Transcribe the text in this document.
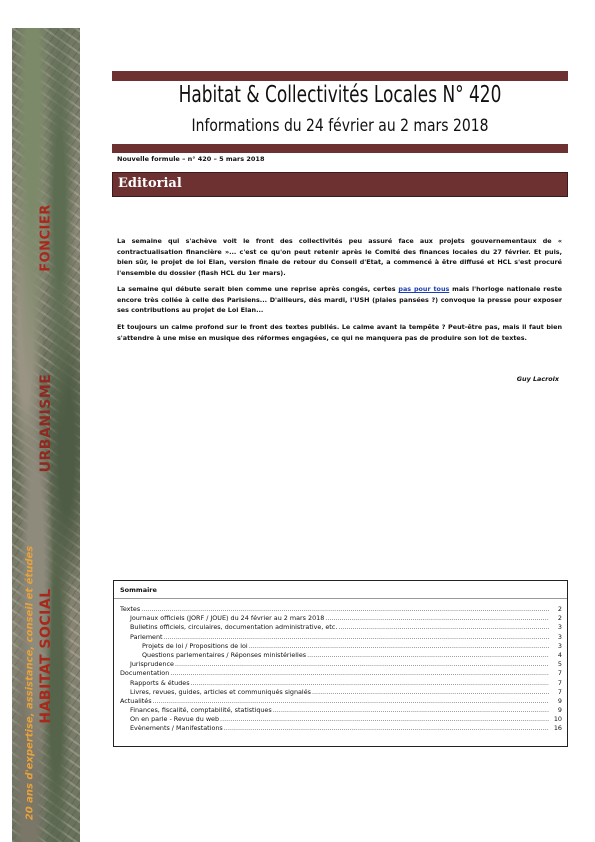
FONCIER
URBANISME
HABITAT SOCIAL
20 ans d'expertise, assistance, conseil et études
Habitat & Collectivités Locales N° 420
Informations du 24 février au 2 mars 2018
Nouvelle formule – n° 420 – 5 mars 2018
Editorial
La semaine qui s'achève voit le front des collectivités peu assuré face aux projets gouvernementaux de « contractualisation financière »... c'est ce qu'on peut retenir après le Comité des finances locales du 27 février. Et puis, bien sûr, le projet de loi Elan, version finale de retour du Conseil d'Etat, a commencé à être diffusé et HCL s'est procuré l'ensemble du dossier (flash HCL du 1er mars).
La semaine qui débute serait bien comme une reprise après congés, certes pas pour tous mais l'horloge nationale reste encore très collée à celle des Parisiens... D'ailleurs, dès mardi, l'USH (plaies pansées ?) convoque la presse pour exposer ses contributions au projet de Loi Elan...
Et toujours un calme profond sur le front des textes publiés. Le calme avant la tempête ? Peut-être pas, mais il faut bien s'attendre à une mise en musique des réformes engagées, ce qui ne manquera pas de produire son lot de textes.
Guy Lacroix
Sommaire
Textes .....	2
Journaux officiels (JORF / JOUE) du 24 février au 2 mars 2018 .....	2
Bulletins officiels, circulaires, documentation administrative, etc. .....	3
Parlement .....	3
Projets de loi / Propositions de loi .....	3
Questions parlementaires / Réponses ministérielles .....	4
Jurisprudence .....	5
Documentation .....	7
Rapports & études .....	7
Livres, revues, guides, articles et communiqués signalés .....	7
Actualités .....	9
Finances, fiscalité, comptabilité, statistiques .....	9
On en parle - Revue du web .....	10
Evènements / Manifestations .....	16
